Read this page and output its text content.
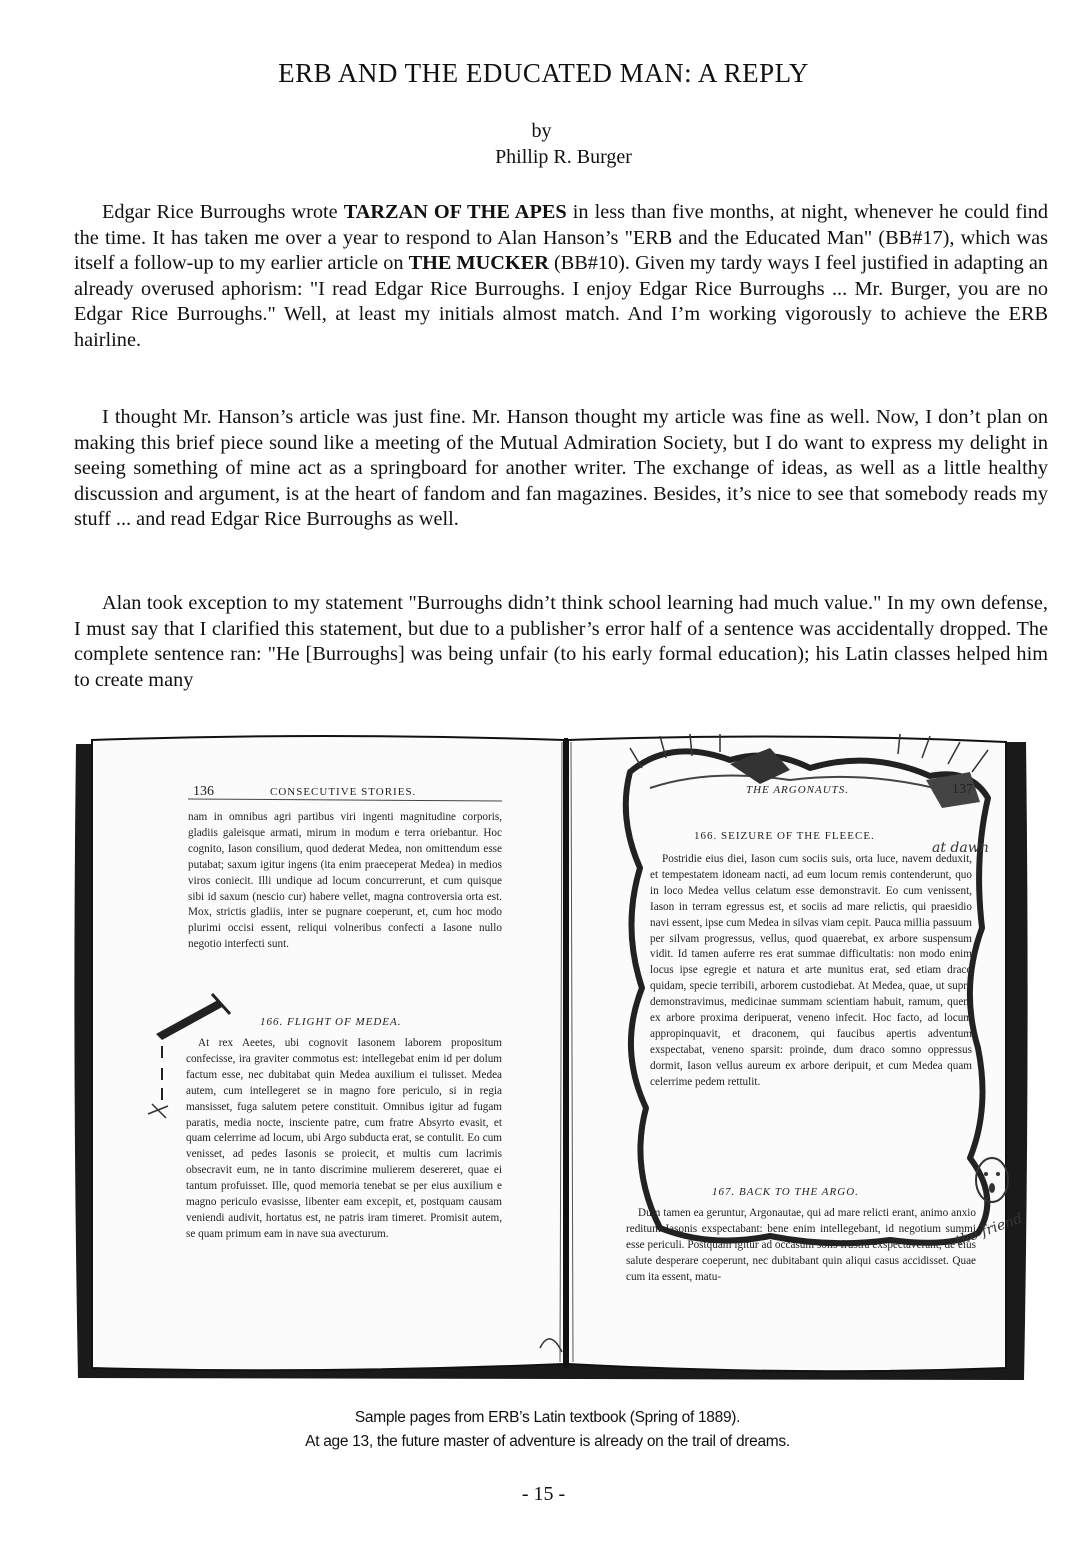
ERB AND THE EDUCATED MAN: A REPLY
by
Phillip R. Burger

Edgar Rice Burroughs wrote TARZAN OF THE APES in less than five months, at night, whenever he could find the time. It has taken me over a year to respond to Alan Hanson’s "ERB and the Educated Man" (BB#17), which was itself a follow-up to my earlier article on THE MUCKER (BB#10). Given my tardy ways I feel justified in adapting an already overused aphorism: "I read Edgar Rice Burroughs. I enjoy Edgar Rice Burroughs ... Mr. Burger, you are no Edgar Rice Burroughs." Well, at least my initials almost match. And I’m working vigorously to achieve the ERB hairline.

I thought Mr. Hanson’s article was just fine. Mr. Hanson thought my article was fine as well. Now, I don’t plan on making this brief piece sound like a meeting of the Mutual Admiration Society, but I do want to express my delight in seeing something of mine act as a springboard for another writer. The exchange of ideas, as well as a little healthy discussion and argument, is at the heart of fandom and fan magazines. Besides, it’s nice to see that somebody reads my stuff ... and read Edgar Rice Burroughs as well.

Alan took exception to my statement "Burroughs didn’t think school learning had much value." In my own defense, I must say that I clarified this statement, but due to a publisher’s error half of a sentence was accidentally dropped. The complete sentence ran: "He [Burroughs] was being unfair (to his early formal education); his Latin classes helped him to create many

136	CONSECUTIVE STORIES.

nam in omnibus agri partibus viri ingenti magnitudine corporis, gladiis galeisque armati, mirum in modum e terra oriebantur. Hoc cognito, Iason consilium, quod dederat Medea, non omittendum esse putabat; saxum igitur ingens (ita enim praeceperat Medea) in medios viros coniecit. Illi undique ad locum concurrerunt, et cum quisque sibi id saxum (nescio cur) habere vellet, magna controversia orta est. Mox, strictis gladiis, inter se pugnare coeperunt, et, cum hoc modo plurimi occisi essent, reliqui volneribus confecti a Iasone nullo negotio interfecti sunt.

166. FLIGHT OF MEDEA.

At rex Aeetes, ubi cognovit Iasonem laborem propositum confecisse, ira graviter commotus est: intellegebat enim id per dolum factum esse, nec dubitabat quin Medea auxilium ei tulisset. Medea autem, cum intellegeret se in magno fore periculo, si in regia mansisset, fuga salutem petere constituit. Omnibus igitur ad fugam paratis, media nocte, insciente patre, cum fratre Absyrto evasit, et quam celerrime ad locum, ubi Argo subducta erat, se contulit. Eo cum venisset, ad pedes Iasonis se proiecit, et multis cum lacrimis obsecravit eum, ne in tanto discrimine mulierem desereret, quae ei tantum profuisset. Ille, quod memoria tenebat se per eius auxilium e magno periculo evasisse, libenter eam excepit, et, postquam causam veniendi audivit, hortatus est, ne patris iram timeret. Promisit autem, se quam primum eam in nave sua avecturum.

THE ARGONAUTS.	137
166. SEIZURE OF THE FLEECE.

Postridie eius diei, Iason cum sociis suis, orta luce, navem deduxit, et tempestatem idoneam nacti, ad eum locum remis contenderunt, quo in loco Medea vellus celatum esse demonstravit. Eo cum venissent, Iason in terram egressus est, et sociis ad mare relictis, qui praesidio navi essent, ipse cum Medea in silvas viam cepit. Pauca millia passuum per silvam progressus, vellus, quod quaerebat, ex arbore suspensum vidit. Id tamen auferre res erat summae difficultatis: non modo enim locus ipse egregie et natura et arte munitus erat, sed etiam draco quidam, specie terribili, arborem custodiebat. At Medea, quae, ut supra demonstravimus, medicinae summam scientiam habuit, ramum, quem ex arbore proxima deripuerat, veneno infecit. Hoc facto, ad locum appropinquavit, et draconem, qui faucibus apertis adventum exspectabat, veneno sparsit: proinde, dum draco somno oppressus dormit, Iason vellus aureum ex arbore deripuit, et cum Medea quam celerrime pedem rettulit.

167. BACK TO THE ARGO.

Dum tamen ea geruntur, Argonautae, qui ad mare relicti erant, animo anxio reditum Iasonis exspectabant: bene enim intellegebant, id negotium summi esse periculi. Postquam igitur ad occasum solis frustra exspectaverant, de eius salute desperare coeperunt, nec dubitabant quin aliqui casus accidisset. Quae cum ita essent, matu-

at dawn
the friend
Sample pages from ERB’s Latin textbook (Spring of 1889).
At age 13, the future master of adventure is already on the trail of dreams.
- 15 -
